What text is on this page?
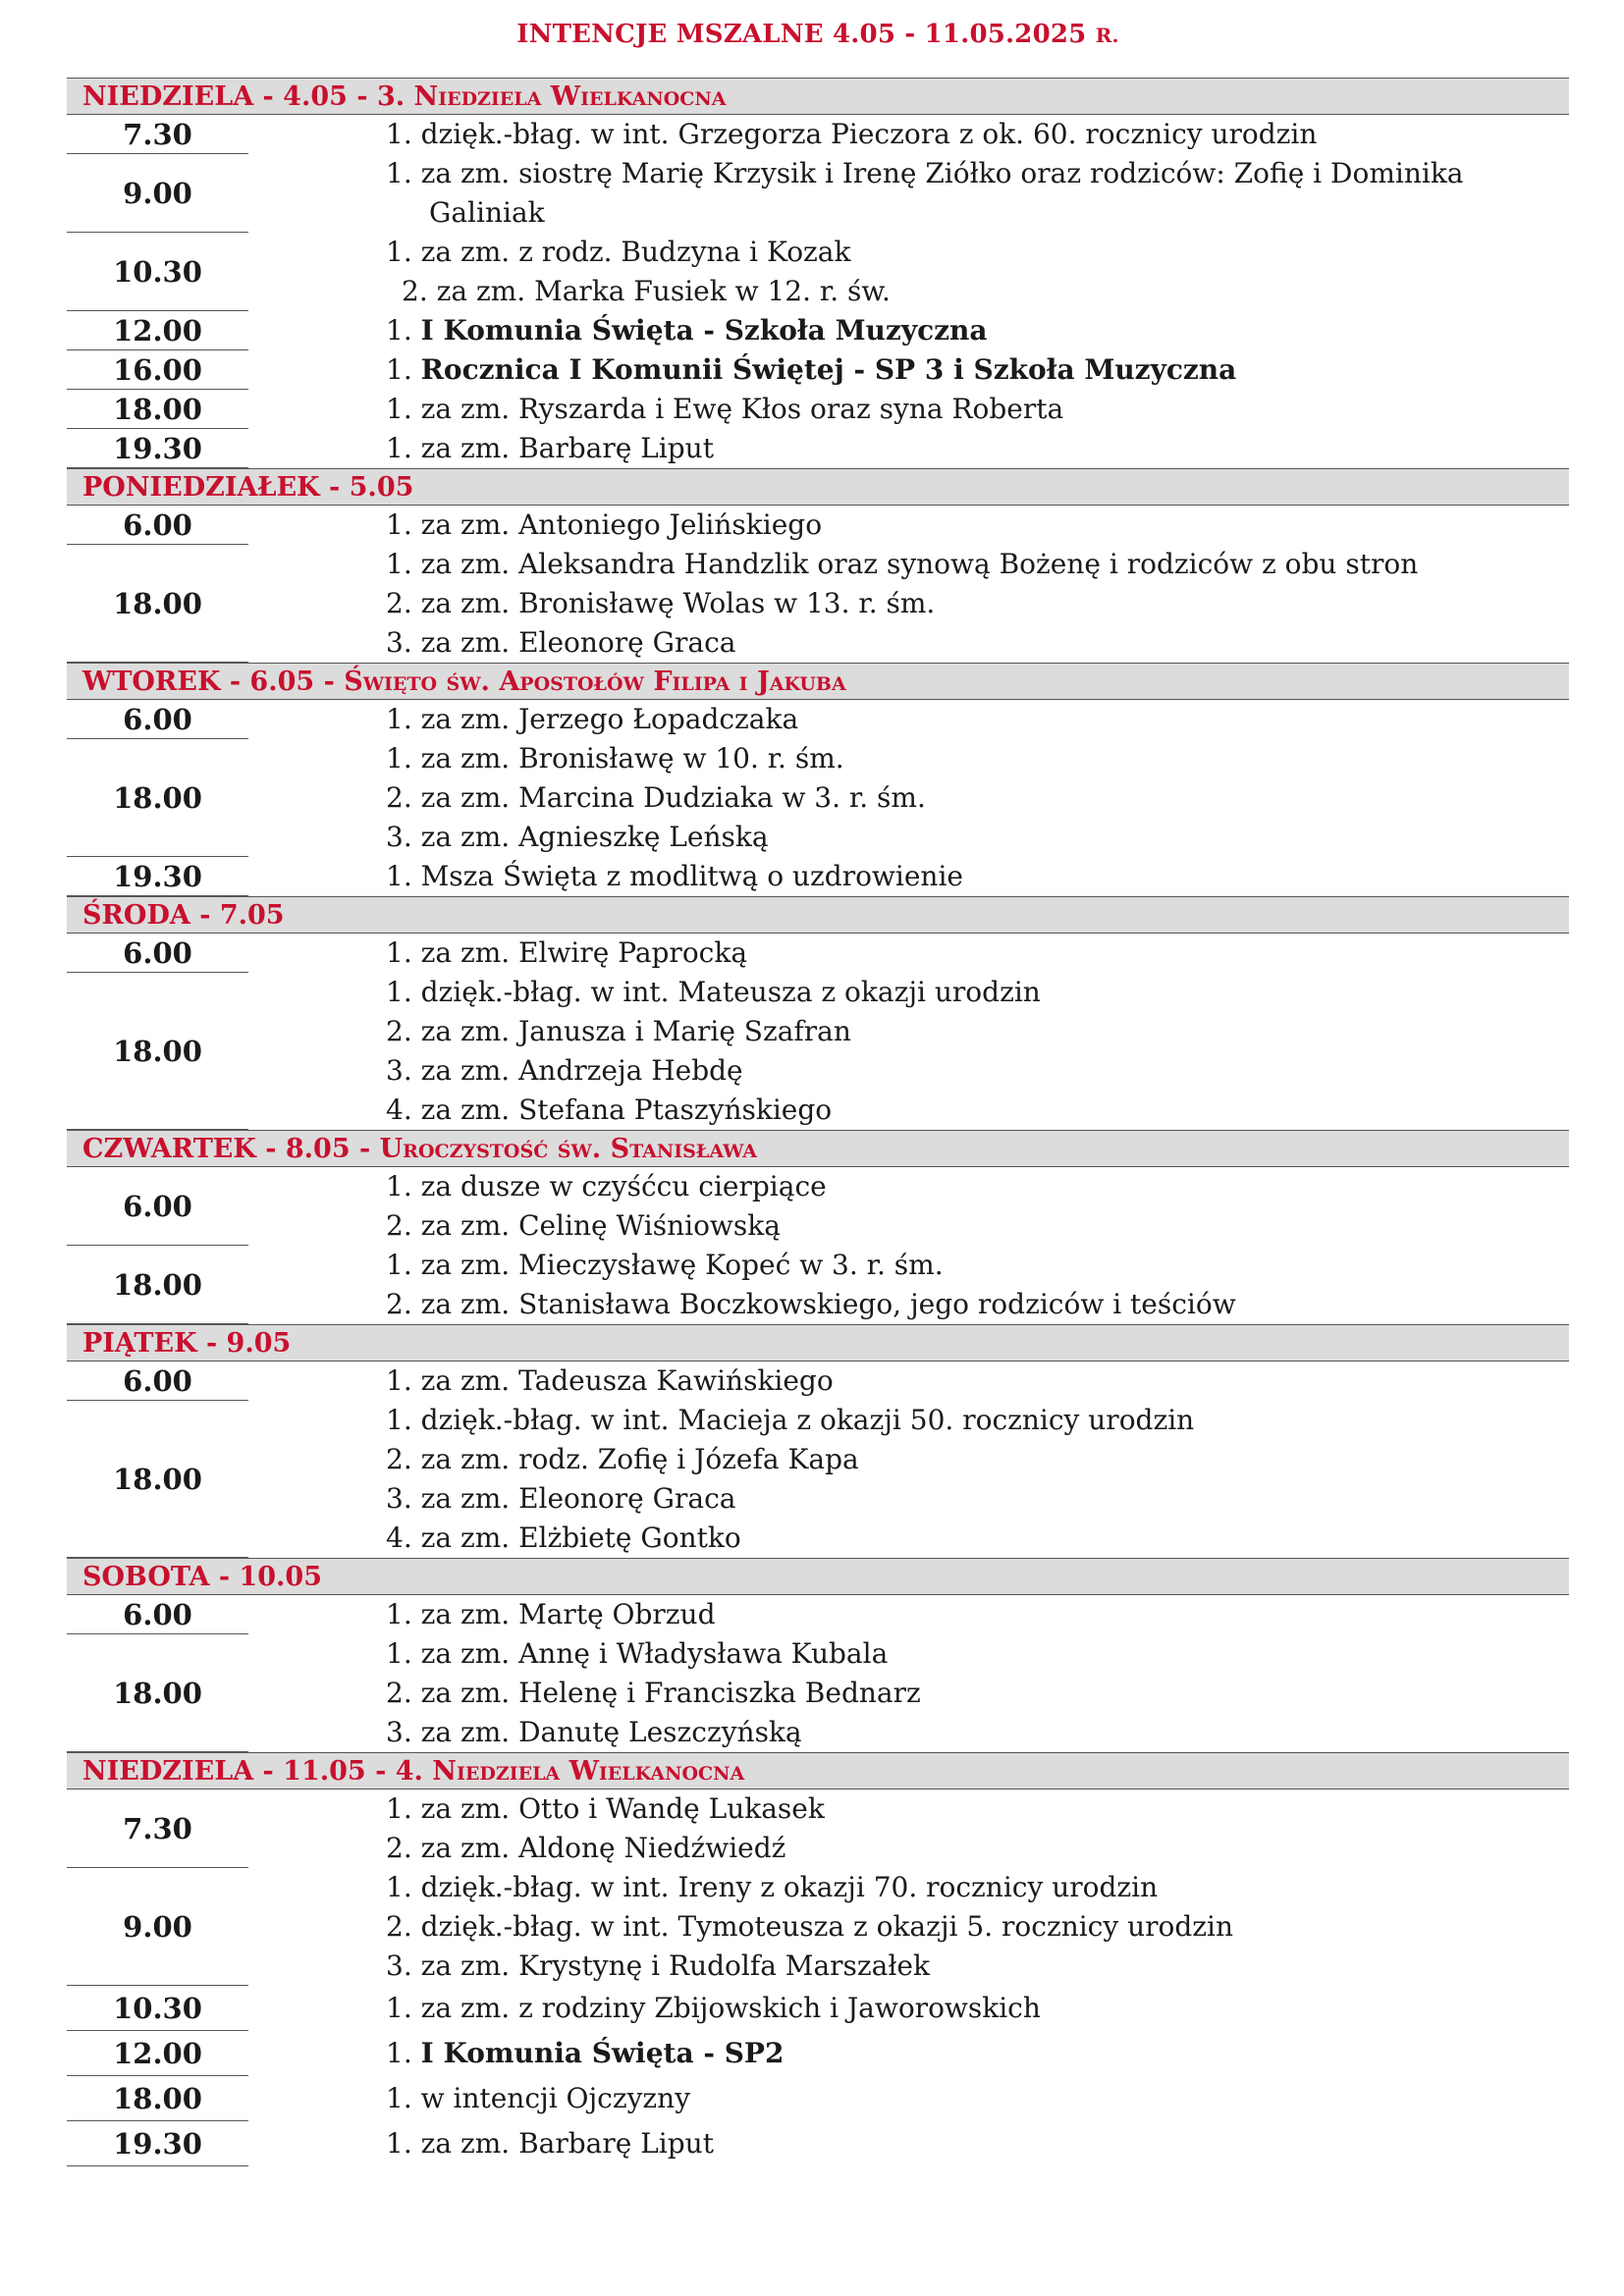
INTENCJE MSZALNE 4.05 - 11.05.2025 R.
NIEDZIELA - 4.05 - 3. Niedziela Wielkanocna
7.30	1. dzięk.-błag. w int. Grzegorza Pieczora z ok. 60. rocznicy urodzin
9.00
1. za zm. siostrę Marię Krzysik i Irenę Ziółko oraz rodziców: Zofię i Dominika
Galiniak
10.30
1. za zm. z rodz. Budzyna i Kozak
2. za zm. Marka Fusiek w 12. r. św.
12.00	1. I Komunia Święta - Szkoła Muzyczna
16.00	1. Rocznica I Komunii Świętej - SP 3 i Szkoła Muzyczna
18.00	1. za zm. Ryszarda i Ewę Kłos oraz syna Roberta
19.30	1. za zm. Barbarę Liput
PONIEDZIAŁEK - 5.05
6.00	1. za zm. Antoniego Jelińskiego
18.00
1. za zm. Aleksandra Handzlik oraz synową Bożenę i rodziców z obu stron
2. za zm. Bronisławę Wolas w 13. r. śm.
3. za zm. Eleonorę Graca
WTOREK - 6.05 - Święto św. Apostołów Filipa i Jakuba
6.00	1. za zm. Jerzego Łopadczaka
18.00
1. za zm. Bronisławę w 10. r. śm.
2. za zm. Marcina Dudziaka w 3. r. śm.
3. za zm. Agnieszkę Leńską
19.30	1. Msza Święta z modlitwą o uzdrowienie
ŚRODA - 7.05
6.00	1. za zm. Elwirę Paprocką
18.00
1. dzięk.-błag. w int. Mateusza z okazji urodzin
2. za zm. Janusza i Marię Szafran
3. za zm. Andrzeja Hebdę
4. za zm. Stefana Ptaszyńskiego
CZWARTEK - 8.05 - Uroczystość św. Stanisława
6.00
1. za dusze w czyśćcu cierpiące
2. za zm. Celinę Wiśniowską
18.00
1. za zm. Mieczysławę Kopeć w 3. r. śm.
2. za zm. Stanisława Boczkowskiego, jego rodziców i teściów
PIĄTEK - 9.05
6.00	1. za zm. Tadeusza Kawińskiego
18.00
1. dzięk.-błag. w int. Macieja z okazji 50. rocznicy urodzin
2. za zm. rodz. Zofię i Józefa Kapa
3. za zm. Eleonorę Graca
4. za zm. Elżbietę Gontko
SOBOTA - 10.05
6.00	1. za zm. Martę Obrzud
18.00
1. za zm. Annę i Władysława Kubala
2. za zm. Helenę i Franciszka Bednarz
3. za zm. Danutę Leszczyńską
NIEDZIELA - 11.05 - 4. Niedziela Wielkanocna
7.30
1. za zm. Otto i Wandę Lukasek
2. za zm. Aldonę Niedźwiedź
9.00
1. dzięk.-błag. w int. Ireny z okazji 70. rocznicy urodzin
2. dzięk.-błag. w int. Tymoteusza z okazji 5. rocznicy urodzin
3. za zm. Krystynę i Rudolfa Marszałek
10.30	1. za zm. z rodziny Zbijowskich i Jaworowskich
12.00	1. I Komunia Święta - SP2
18.00	1. w intencji Ojczyzny
19.30	1. za zm. Barbarę Liput
